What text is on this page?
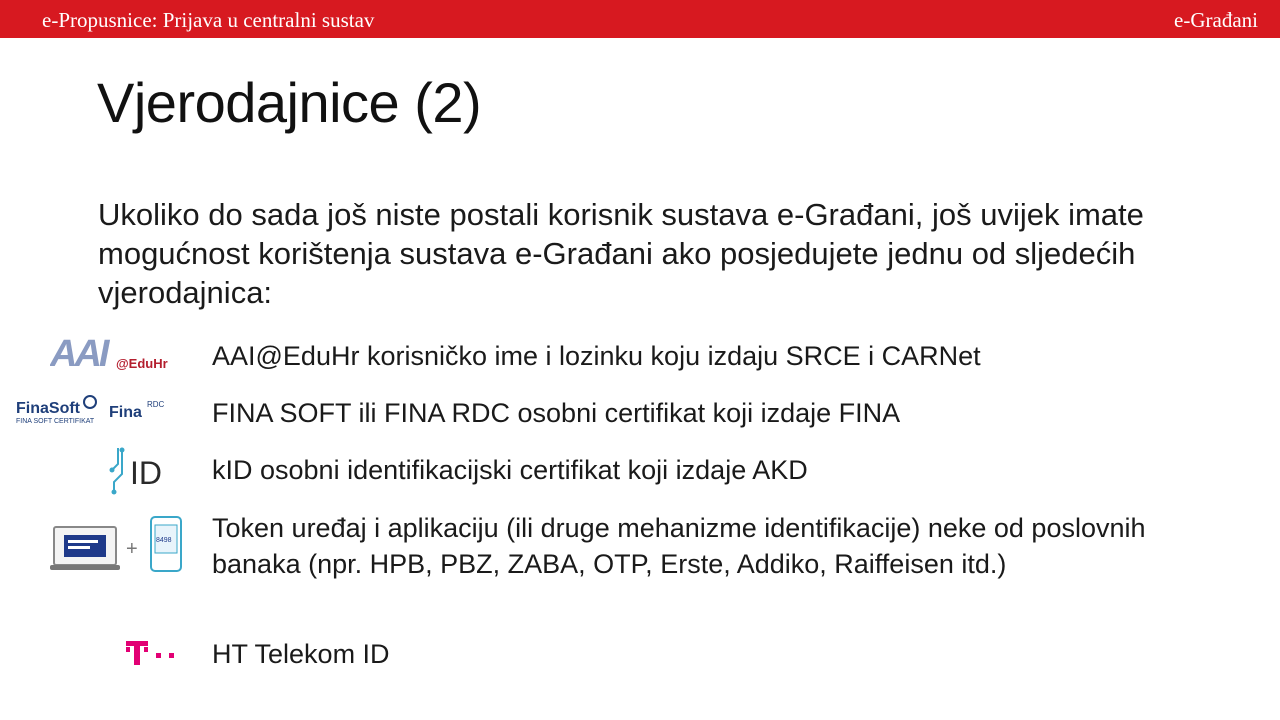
e-Propusnice: Prijava u centralni sustav	e-Građani
Vjerodajnice (2)

Ukoliko do sada još niste postali korisnik sustava e-Građani, još uvijek imate mogućnost korištenja sustava e-Građani ako posjedujete jednu od sljedećih vjerodajnica:

AAI @EduHr AAI@EduHr korisničko ime i lozinku koju izdaju SRCE i CARNet
FinaSoft
FINA SOFT CERTIFIKAT
Fina RDC FINA SOFT ili FINA RDC osobni certifikat koji izdaje FINA
ID kID osobni identifikacijski certifikat koji izdaje AKD
+	8498 Token uređaj i aplikaciju (ili druge mehanizme identifikacije) neke od poslovnih banaka (npr. HPB, PBZ, ZABA, OTP, Erste, Addiko, Raiffeisen itd.)
HT Telekom ID
